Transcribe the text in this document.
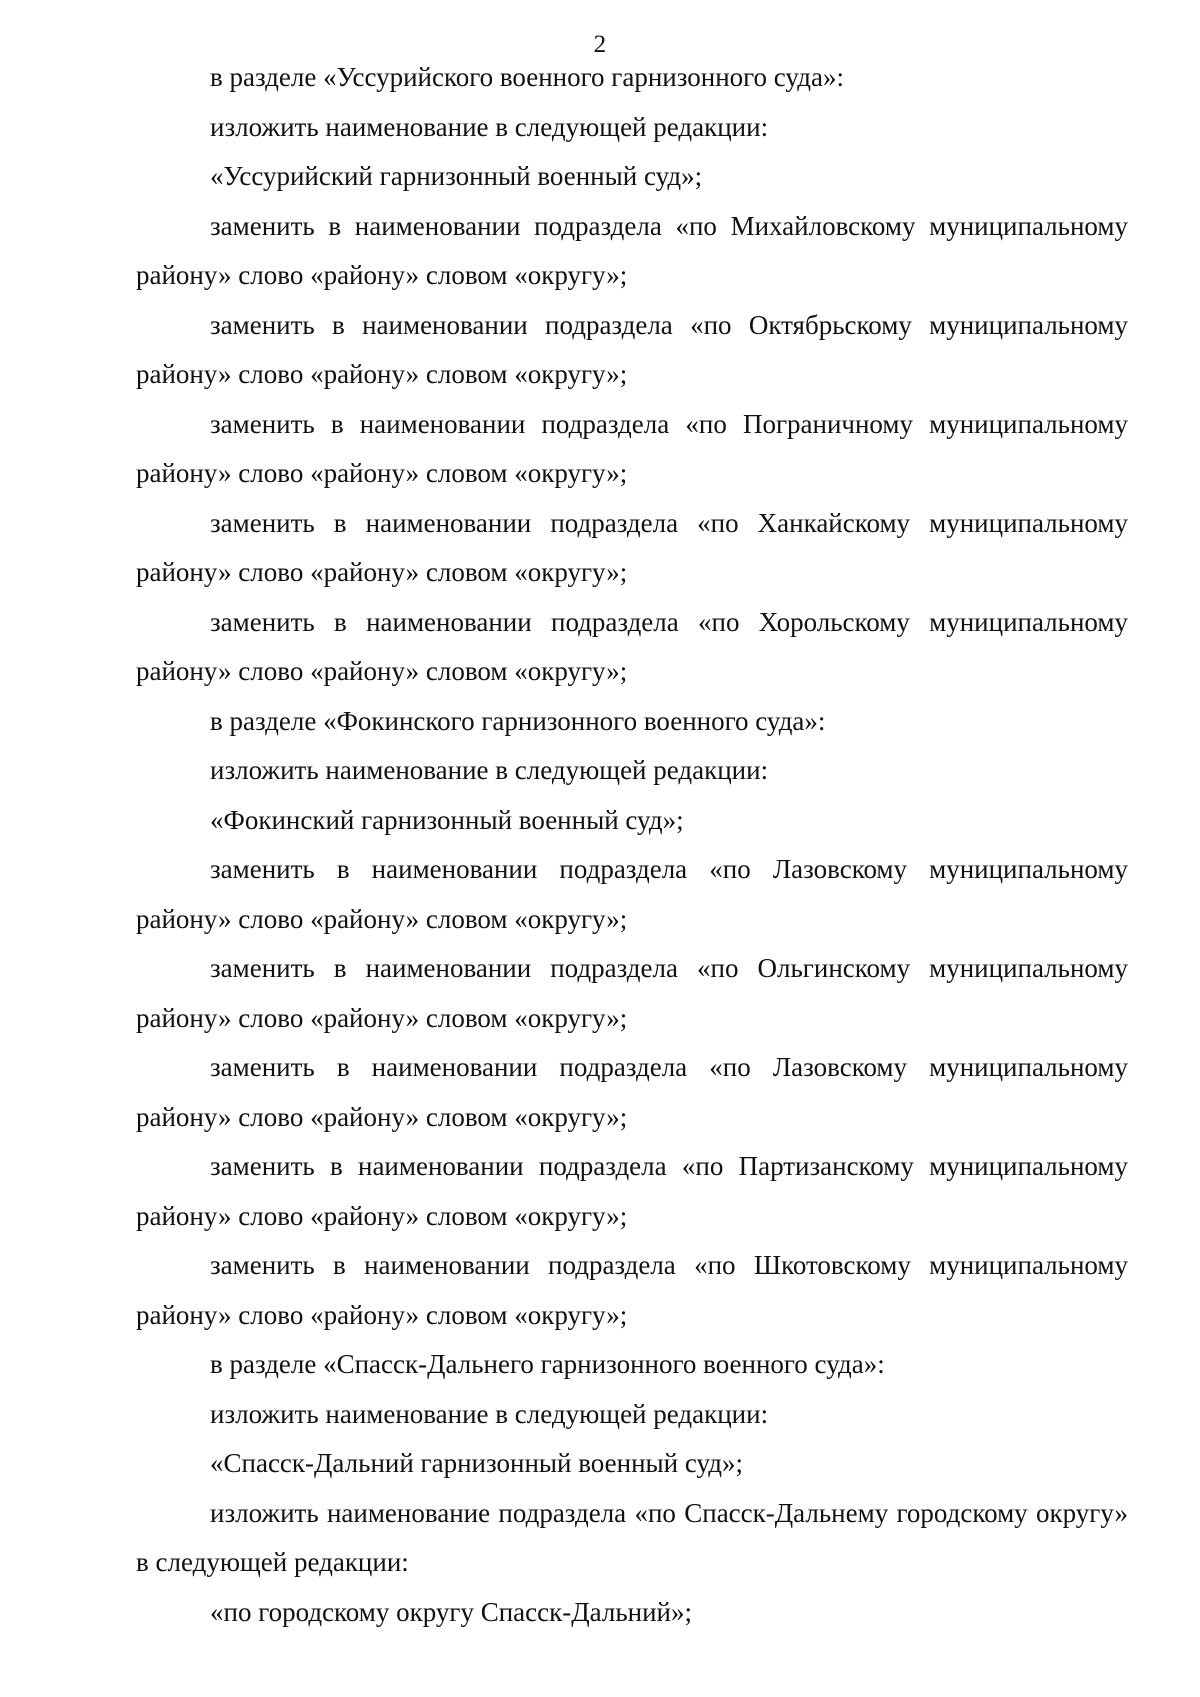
2

в разделе «Уссурийского военного гарнизонного суда»:

изложить наименование в следующей редакции:

«Уссурийский гарнизонный военный суд»;

заменить в наименовании подраздела «по Михайловскому муниципальному району» слово «району» словом «округу»;

заменить в наименовании подраздела «по Октябрьскому муниципальному району» слово «району» словом «округу»;

заменить в наименовании подраздела «по Пограничному муниципальному району» слово «району» словом «округу»;

заменить в наименовании подраздела «по Ханкайскому муниципальному району» слово «району» словом «округу»;

заменить в наименовании подраздела «по Хорольскому муниципальному району» слово «району» словом «округу»;

в разделе «Фокинского гарнизонного военного суда»:

изложить наименование в следующей редакции:

«Фокинский гарнизонный военный суд»;

заменить в наименовании подраздела «по Лазовскому муниципальному району» слово «району» словом «округу»;

заменить в наименовании подраздела «по Ольгинскому муниципальному району» слово «району» словом «округу»;

заменить в наименовании подраздела «по Лазовскому муниципальному району» слово «району» словом «округу»;

заменить в наименовании подраздела «по Партизанскому муниципальному району» слово «району» словом «округу»;

заменить в наименовании подраздела «по Шкотовскому муниципальному району» слово «району» словом «округу»;

в разделе «Спасск-Дальнего гарнизонного военного суда»:

изложить наименование в следующей редакции:

«Спасск-Дальний гарнизонный военный суд»;

изложить наименование подраздела «по Спасск-Дальнему городскому округу» в следующей редакции:

«по городскому округу Спасск-Дальний»;
